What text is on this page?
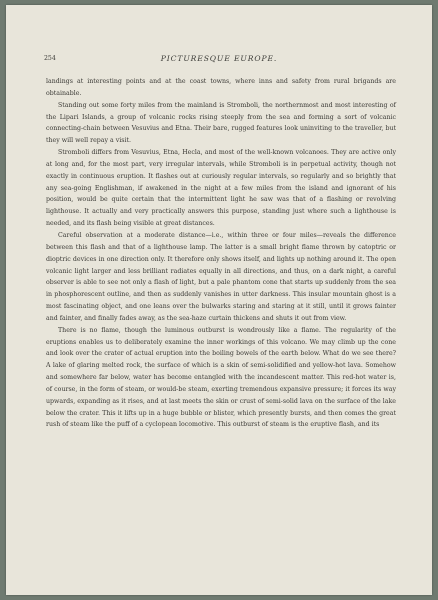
254	PICTURESQUE EUROPE.

landings at interesting points and at the coast towns, where inns and safety from rural brigands are obtainable.

Standing out some forty miles from the mainland is Stromboli, the northernmost and most interesting of the Lipari Islands, a group of volcanic rocks rising steeply from the sea and forming a sort of volcanic connecting-chain between Vesuvius and Etna. Their bare, rugged features look uninviting to the traveller, but they will well repay a visit.

Stromboli differs from Vesuvius, Etna, Hecla, and most of the well-known volcanoes. They are active only at long and, for the most part, very irregular intervals, while Stromboli is in perpetual activity, though not exactly in continuous eruption. It flashes out at curiously regular intervals, so regularly and so brightly that any sea-going Englishman, if awakened in the night at a few miles from the island and ignorant of his position, would be quite certain that the intermittent light he saw was that of a flashing or revolving lighthouse. It actually and very practically answers this purpose, standing just where such a lighthouse is needed, and its flash being visible at great distances.

Careful observation at a moderate distance—i.e., within three or four miles—reveals the difference between this flash and that of a lighthouse lamp. The latter is a small bright flame thrown by catoptric or dioptric devices in one direction only. It therefore only shows itself, and lights up nothing around it. The open volcanic light larger and less brilliant radiates equally in all directions, and thus, on a dark night, a careful observer is able to see not only a flash of light, but a pale phantom cone that starts up suddenly from the sea in phosphorescent outline, and then as suddenly vanishes in utter darkness. This insular mountain ghost is a most fascinating object, and one leans over the bulwarks staring and staring at it still, until it grows fainter and fainter, and finally fades away, as the sea-haze curtain thickens and shuts it out from view.

There is no flame, though the luminous outburst is wondrously like a flame. The regularity of the eruptions enables us to deliberately examine the inner workings of this volcano. We may climb up the cone and look over the crater of actual eruption into the boiling bowels of the earth below. What do we see there? A lake of glaring melted rock, the surface of which is a skin of semi-solidified and yellow-hot lava. Somehow and somewhere far below, water has become entangled with the incandescent matter. This red-hot water is, of course, in the form of steam, or would-be steam, exerting tremendous expansive pressure; it forces its way upwards, expanding as it rises, and at last meets the skin or crust of semi-solid lava on the surface of the lake below the crater. This it lifts up in a huge bubble or blister, which presently bursts, and then comes the great rush of steam like the puff of a cyclopean locomotive. This outburst of steam is the eruptive flash, and its
